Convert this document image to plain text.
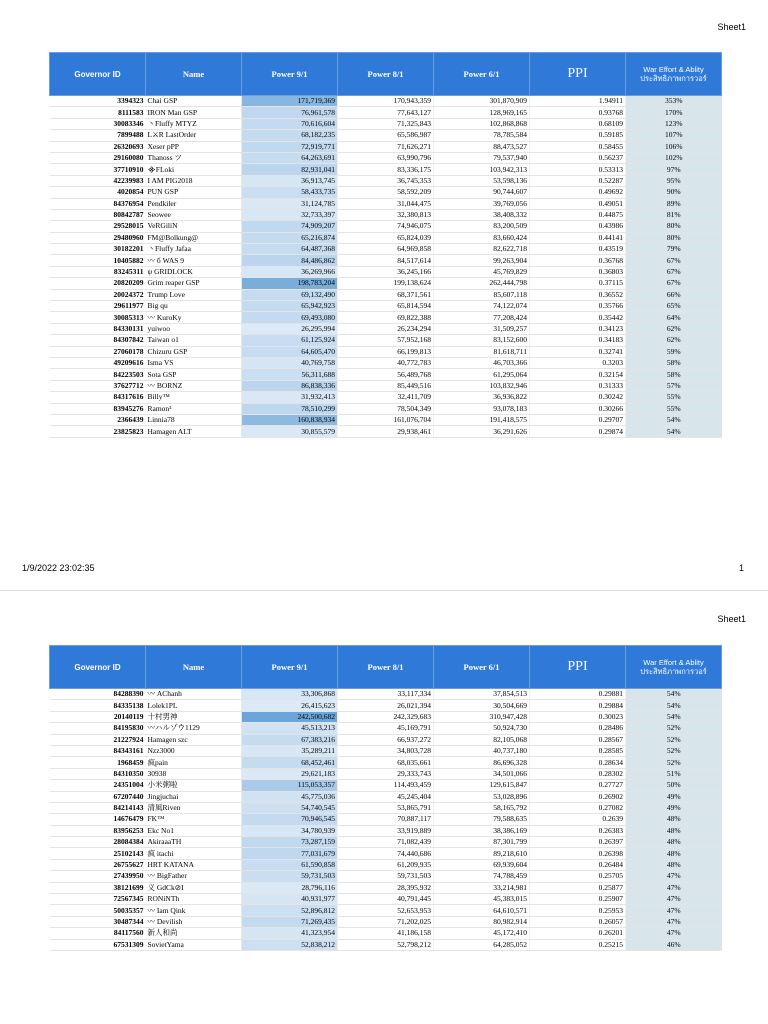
Sheet1
Governor ID	Name	Power 9/1	Power 8/1	Power 6/1	PPI	War Effort & Ablity
ประสิทธิภาพการวอร์

3394323	Chai GSP	171,719,369	170,943,359	301,870,909	1.94911	353%
8111583	IRON Man GSP	76,961,578	77,643,127	128,969,165	0.93768	170%
30083346	丶Fluffy MTYZ	70,616,604	71,325,843	102,868,868	0.68109	123%
7899488	L⚔R LastOrder	68,182,235	65,586,987	78,785,584	0.59185	107%
26320693	Xeser pPP	72,919,771	71,626,271	88,473,527	0.58455	106%
29160080	Thanoss ツ	64,263,691	63,990,796	79,537,940	0.56237	102%
37710910	᯽FLoki	82,931,041	83,336,175	103,942,313	0.53313	97%
42239983	I AM PIG2018	36,913,745	36,745,353	53,598,136	0.52287	95%
4020854	PUN GSP	58,433,735	58,592,209	90,744,607	0.49692	90%
84376954	Pendkiler	31,124,785	31,044,475	39,769,056	0.49051	89%
80842787	Seowee	32,733,397	32,380,813	38,408,332	0.44875	81%
29528015	VeRGiliN	74,909,207	74,946,075	83,200,509	0.43986	80%
29480960	FM@Bolkung@	65,216,874	65,824,039	83,660,424	0.44141	80%
30182201	丶Fluffy Jafaa	64,487,368	64,969,858	82,622,718	0.43519	79%
10405882	〰 б WAS 9	84,486,862	84,517,614	99,263,904	0.36768	67%
83245311	ψ GRIDLOCK	36,269,966	36,245,166	45,769,829	0.36803	67%
20820209	Grim reaper GSP	198,783,204	199,138,624	262,444,798	0.37115	67%
20024372	Trump Love	69,132,490	68,371,561	85,607,118	0.36552	66%
29611977	Big qu	65,942,923	65,814,594	74,122,074	0.35766	65%
30085313	〰 KuroKy	69,493,080	69,822,388	77,208,424	0.35442	64%
84330131	yuiwoo	26,295,994	26,234,294	31,509,257	0.34123	62%
84307842	Taiwan o1	61,125,924	57,952,168	83,152,600	0.34183	62%
27060178	Chizuru GSP	64,605,470	66,199,813	81,618,711	0.32741	59%
49209616	Isma VS	40,769,758	40,772,783	46,703,366	0.3203	58%
84223503	Sota GSP	56,311,688	56,489,768	61,295,064	0.32154	58%
37627712	〰 BORNZ	86,838,336	85,449,516	103,832,946	0.31333	57%
84317616	Billy™	31,932,413	32,411,709	36,936,822	0.30242	55%
83945276	Ramon³	78,510,299	78,504,349	93,078,183	0.30266	55%
2366439	Linnia78	160,838,934	161,076,704	191,418,575	0.29707	54%
23825823	Hamagen ALT	30,855,579	29,938,461	36,291,626	0.29874	54%
1/9/2022 23:02:35	1
Sheet1
Governor ID	Name	Power 9/1	Power 8/1	Power 6/1	PPI	War Effort & Ablity
ประสิทธิภาพการวอร์

84288390	〰 AChanh	33,306,868	33,117,334	37,854,513	0.29881	54%
84335138	Lolek1PL	26,415,623	26,021,394	30,504,669	0.29884	54%
20140119	十村男神	242,500,682	242,329,683	310,947,428	0.30023	54%
84195830	〰ハルゾウ1129	45,513,213	45,169,791	50,924,730	0.28486	52%
21227924	Hamagen szc	67,383,216	66,937,272	82,105,068	0.28567	52%
84343161	Nzz3000	35,289,211	34,803,728	40,737,180	0.28585	52%
1968459	疯pain	68,452,461	68,035,661	86,696,328	0.28634	52%
84310350	30938	29,621,183	29,333,743	34,501,066	0.28302	51%
24351004	小米粥啦	115,053,357	114,493,459	129,615,847	0.27727	50%
67207440	Jingjuchai	45,775,036	45,245,404	53,028,896	0.26902	49%
84214143	清風Riven	54,740,545	53,865,791	58,165,792	0.27082	49%
14676479	FK™	70,946,545	70,887,117	79,588,635	0.2639	48%
83956253	Ekc No1	34,780,939	33,919,889	38,386,169	0.26383	48%
28084384	AkiraaaTH	73,287,159	71,082,439	87,301,799	0.26397	48%
25102143	疯 itachi	77,031,679	74,440,686	89,218,610	0.26398	48%
26755627	HRT KATANA	61,590,858	61,209,935	69,939,604	0.26484	48%
27439950	〰 BigFather	59,731,503	59,731,503	74,788,459	0.25705	47%
38121699	义 GdCk⊘I	28,796,116	28,395,932	33,214,981	0.25877	47%
72567345	RONiNTh	40,931,977	40,791,445	45,383,015	0.25907	47%
50035357	〰 Iam Qink	52,896,812	52,653,953	64,610,571	0.25953	47%
30487344	〰 Devilish	71,269,435	71,202,025	80,982,914	0.26057	47%
84117560	新人和尚	41,323,954	41,186,158	45,172,410	0.26201	47%
67531309	SovietYama	52,838,212	52,798,212	64,285,052	0.25215	46%
